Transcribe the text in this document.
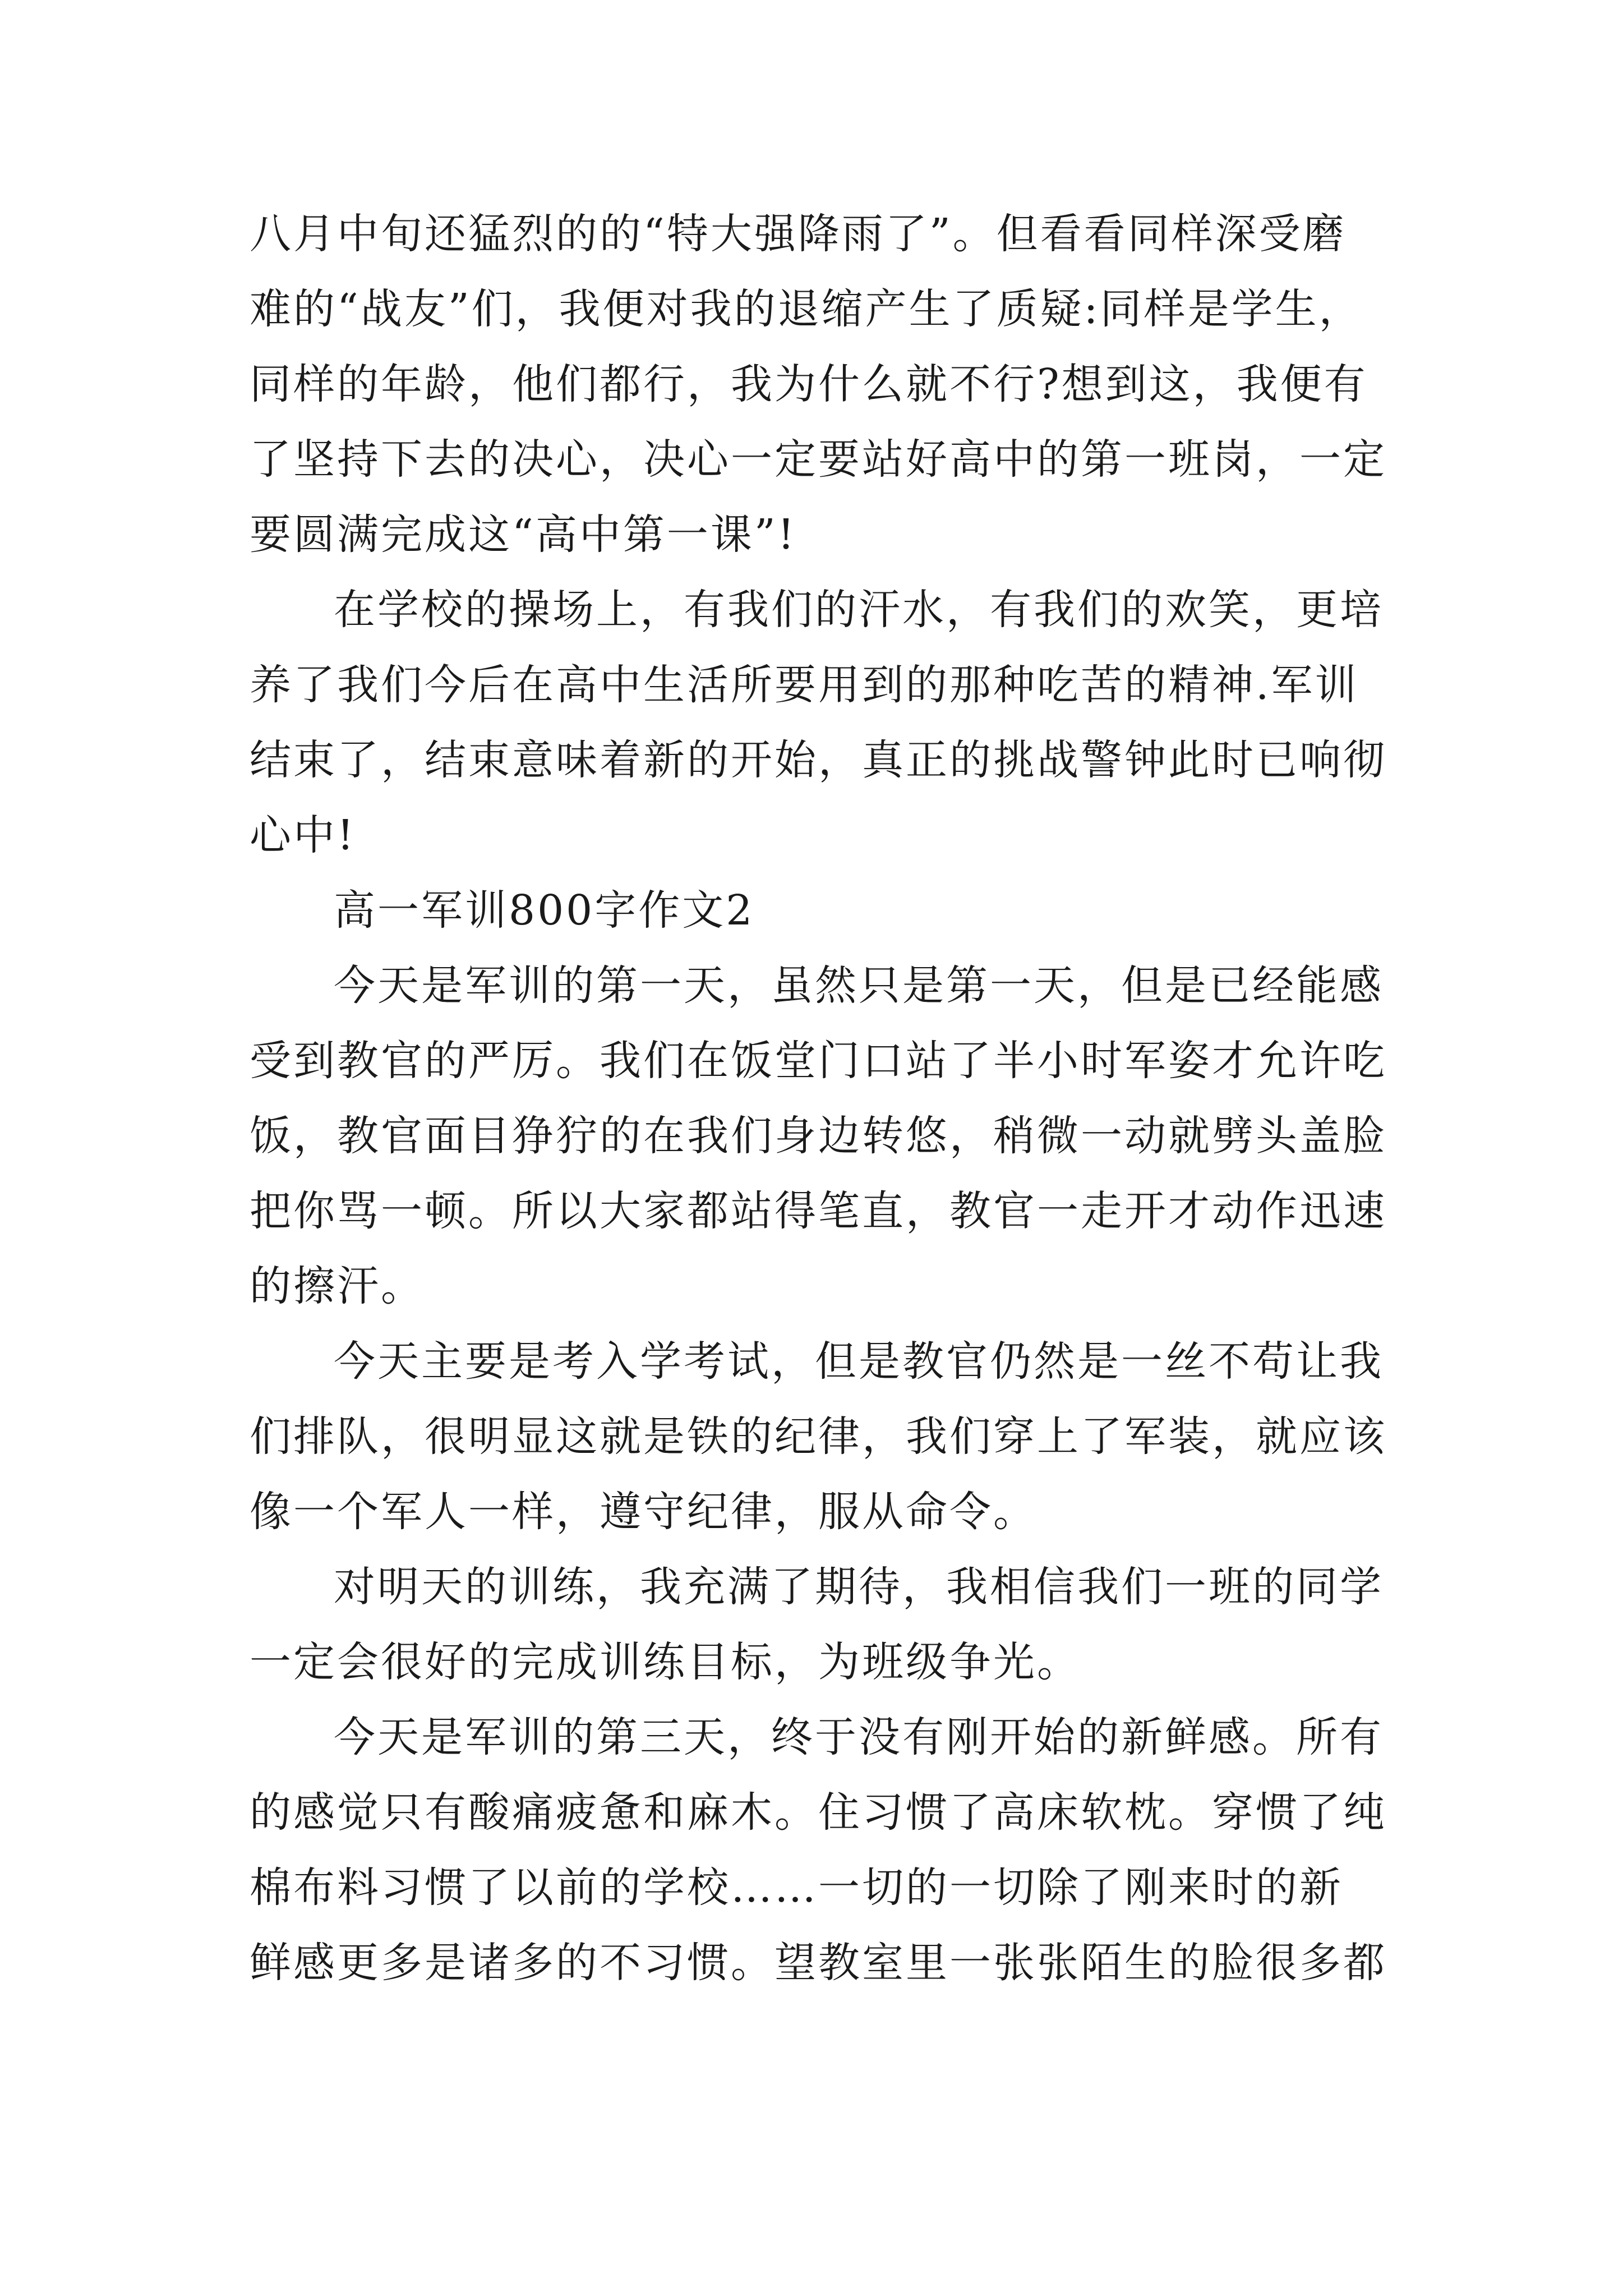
八月中旬还猛烈的的“特大强降雨了”。但看看同样深受磨
难的“战友”们，我便对我的退缩产生了质疑:同样是学生，
同样的年龄，他们都行，我为什么就不行?想到这，我便有
了坚持下去的决心，决心一定要站好高中的第一班岗，一定
要圆满完成这“高中第一课”!
在学校的操场上，有我们的汗水，有我们的欢笑，更培
养了我们今后在高中生活所要用到的那种吃苦的精神.军训
结束了，结束意味着新的开始，真正的挑战警钟此时已响彻
心中!
高一军训800字作文2
今天是军训的第一天，虽然只是第一天，但是已经能感
受到教官的严厉。我们在饭堂门口站了半小时军姿才允许吃
饭，教官面目狰狞的在我们身边转悠，稍微一动就劈头盖脸
把你骂一顿。所以大家都站得笔直，教官一走开才动作迅速
的擦汗。
今天主要是考入学考试，但是教官仍然是一丝不苟让我
们排队，很明显这就是铁的纪律，我们穿上了军装，就应该
像一个军人一样，遵守纪律，服从命令。
对明天的训练，我充满了期待，我相信我们一班的同学
一定会很好的完成训练目标，为班级争光。
今天是军训的第三天，终于没有刚开始的新鲜感。所有
的感觉只有酸痛疲惫和麻木。住习惯了高床软枕。穿惯了纯
棉布料习惯了以前的学校……一切的一切除了刚来时的新
鲜感更多是诸多的不习惯。望教室里一张张陌生的脸很多都
